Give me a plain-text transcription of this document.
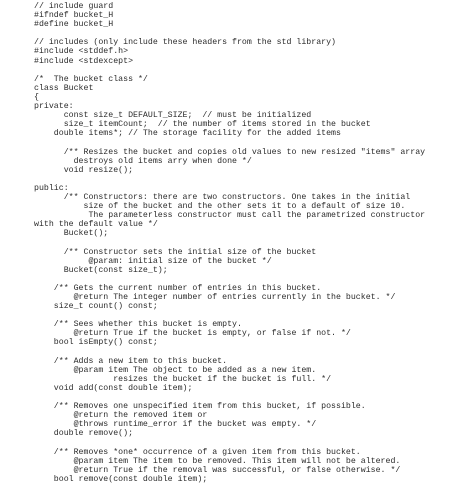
// include guard
#ifndef bucket_H
#define bucket_H
// includes (only include these headers from the std library)
#include <stddef.h>
#include <stdexcept>
/*  The bucket class */
class Bucket
{
private:
const size_t DEFAULT_SIZE;  // must be initialized
size_t itemCount;  // the number of items stored in the bucket
double items*; // The storage facility for the added items
/** Resizes the bucket and copies old values to new resized "items" array
destroys old items arry when done */
void resize();
public:
/** Constructors: there are two constructors. One takes in the initial
size of the bucket and the other sets it to a default of size 10.
The parameterless constructor must call the parametrized constructor
with the default value */
Bucket();
/** Constructor sets the initial size of the bucket
@param: initial size of the bucket */
Bucket(const size_t);
/** Gets the current number of entries in this bucket.
@return The integer number of entries currently in the bucket. */
size_t count() const;
/** Sees whether this bucket is empty.
@return True if the bucket is empty, or false if not. */
bool isEmpty() const;
/** Adds a new item to this bucket.
@param item The object to be added as a new item.
resizes the bucket if the bucket is full. */
void add(const double item);
/** Removes one unspecified item from this bucket, if possible.
@return the removed item or
@throws runtime_error if the bucket was empty. */
double remove();
/** Removes *one* occurrence of a given item from this bucket.
@param item The item to be removed. This item will not be altered.
@return True if the removal was successful, or false otherwise. */
bool remove(const double item);
